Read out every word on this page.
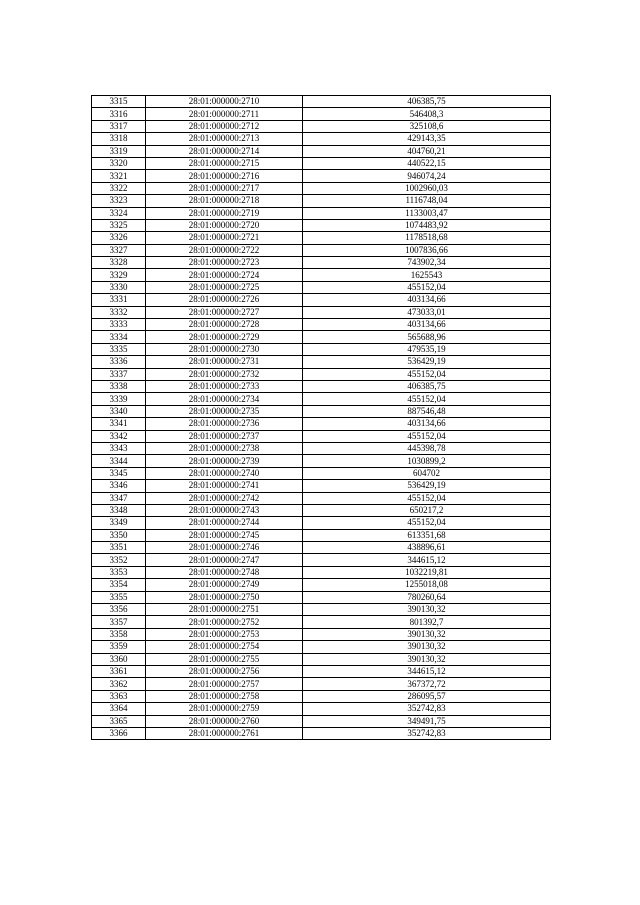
3315	28:01:000000:2710	406385,75
3316	28:01:000000:2711	546408,3
3317	28:01:000000:2712	325108,6
3318	28:01:000000:2713	429143,35
3319	28:01:000000:2714	404760,21
3320	28:01:000000:2715	440522,15
3321	28:01:000000:2716	946074,24
3322	28:01:000000:2717	1002960,03
3323	28:01:000000:2718	1116748,04
3324	28:01:000000:2719	1133003,47
3325	28:01:000000:2720	1074483,92
3326	28:01:000000:2721	1178518,68
3327	28:01:000000:2722	1007836,66
3328	28:01:000000:2723	743902,34
3329	28:01:000000:2724	1625543
3330	28:01:000000:2725	455152,04
3331	28:01:000000:2726	403134,66
3332	28:01:000000:2727	473033,01
3333	28:01:000000:2728	403134,66
3334	28:01:000000:2729	565688,96
3335	28:01:000000:2730	479535,19
3336	28:01:000000:2731	536429,19
3337	28:01:000000:2732	455152,04
3338	28:01:000000:2733	406385,75
3339	28:01:000000:2734	455152,04
3340	28:01:000000:2735	887546,48
3341	28:01:000000:2736	403134,66
3342	28:01:000000:2737	455152,04
3343	28:01:000000:2738	445398,78
3344	28:01:000000:2739	1030899,2
3345	28:01:000000:2740	604702
3346	28:01:000000:2741	536429,19
3347	28:01:000000:2742	455152,04
3348	28:01:000000:2743	650217,2
3349	28:01:000000:2744	455152,04
3350	28:01:000000:2745	613351,68
3351	28:01:000000:2746	438896,61
3352	28:01:000000:2747	344615,12
3353	28:01:000000:2748	1032219,81
3354	28:01:000000:2749	1255018,08
3355	28:01:000000:2750	780260,64
3356	28:01:000000:2751	390130,32
3357	28:01:000000:2752	801392,7
3358	28:01:000000:2753	390130,32
3359	28:01:000000:2754	390130,32
3360	28:01:000000:2755	390130,32
3361	28:01:000000:2756	344615,12
3362	28:01:000000:2757	367372,72
3363	28:01:000000:2758	286095,57
3364	28:01:000000:2759	352742,83
3365	28:01:000000:2760	349491,75
3366	28:01:000000:2761	352742,83
